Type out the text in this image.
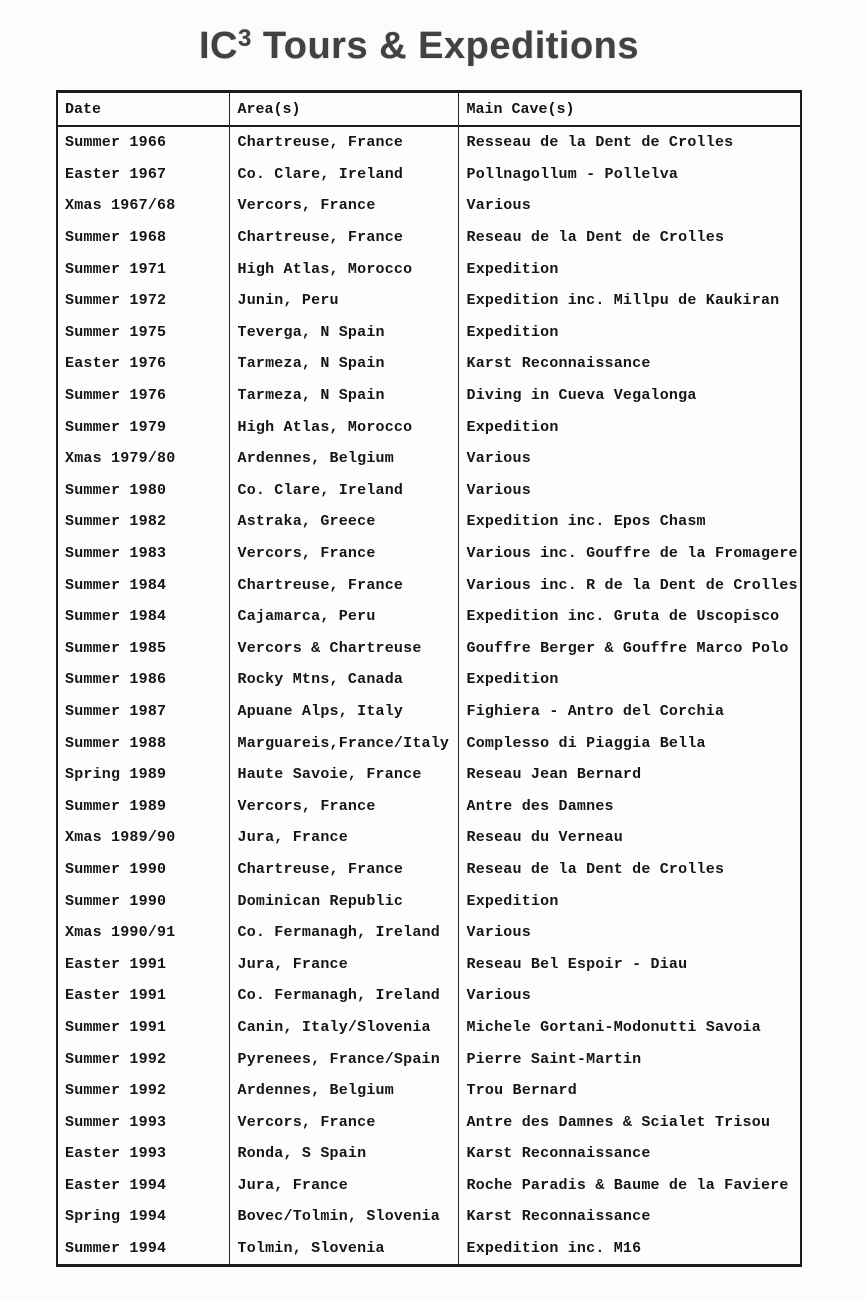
$IC^3$ Tours & Expeditions
Date	Area(s)	Main Cave(s)
Summer 1966	Chartreuse, France	Resseau de la Dent de Crolles
Easter 1967	Co. Clare, Ireland	Pollnagollum - Pollelva
Xmas 1967/68	Vercors, France	Various
Summer 1968	Chartreuse, France	Reseau de la Dent de Crolles
Summer 1971	High Atlas, Morocco	Expedition
Summer 1972	Junin, Peru	Expedition inc. Millpu de Kaukiran
Summer 1975	Teverga, N Spain	Expedition
Easter 1976	Tarmeza, N Spain	Karst Reconnaissance
Summer 1976	Tarmeza, N Spain	Diving in Cueva Vegalonga
Summer 1979	High Atlas, Morocco	Expedition
Xmas 1979/80	Ardennes, Belgium	Various
Summer 1980	Co. Clare, Ireland	Various
Summer 1982	Astraka, Greece	Expedition inc. Epos Chasm
Summer 1983	Vercors, France	Various inc. Gouffre de la Fromagere
Summer 1984	Chartreuse, France	Various inc. R de la Dent de Crolles
Summer 1984	Cajamarca, Peru	Expedition inc. Gruta de Uscopisco
Summer 1985	Vercors & Chartreuse	Gouffre Berger & Gouffre Marco Polo
Summer 1986	Rocky Mtns, Canada	Expedition
Summer 1987	Apuane Alps, Italy	Fighiera - Antro del Corchia
Summer 1988	Marguareis,France/Italy	Complesso di Piaggia Bella
Spring 1989	Haute Savoie, France	Reseau Jean Bernard
Summer 1989	Vercors, France	Antre des Damnes
Xmas 1989/90	Jura, France	Reseau du Verneau
Summer 1990	Chartreuse, France	Reseau de la Dent de Crolles
Summer 1990	Dominican Republic	Expedition
Xmas 1990/91	Co. Fermanagh, Ireland	Various
Easter 1991	Jura, France	Reseau Bel Espoir - Diau
Easter 1991	Co. Fermanagh, Ireland	Various
Summer 1991	Canin, Italy/Slovenia	Michele Gortani-Modonutti Savoia
Summer 1992	Pyrenees, France/Spain	Pierre Saint-Martin
Summer 1992	Ardennes, Belgium	Trou Bernard
Summer 1993	Vercors, France	Antre des Damnes & Scialet Trisou
Easter 1993	Ronda, S Spain	Karst Reconnaissance
Easter 1994	Jura, France	Roche Paradis & Baume de la Faviere
Spring 1994	Bovec/Tolmin, Slovenia	Karst Reconnaissance
Summer 1994	Tolmin, Slovenia	Expedition inc. M16
